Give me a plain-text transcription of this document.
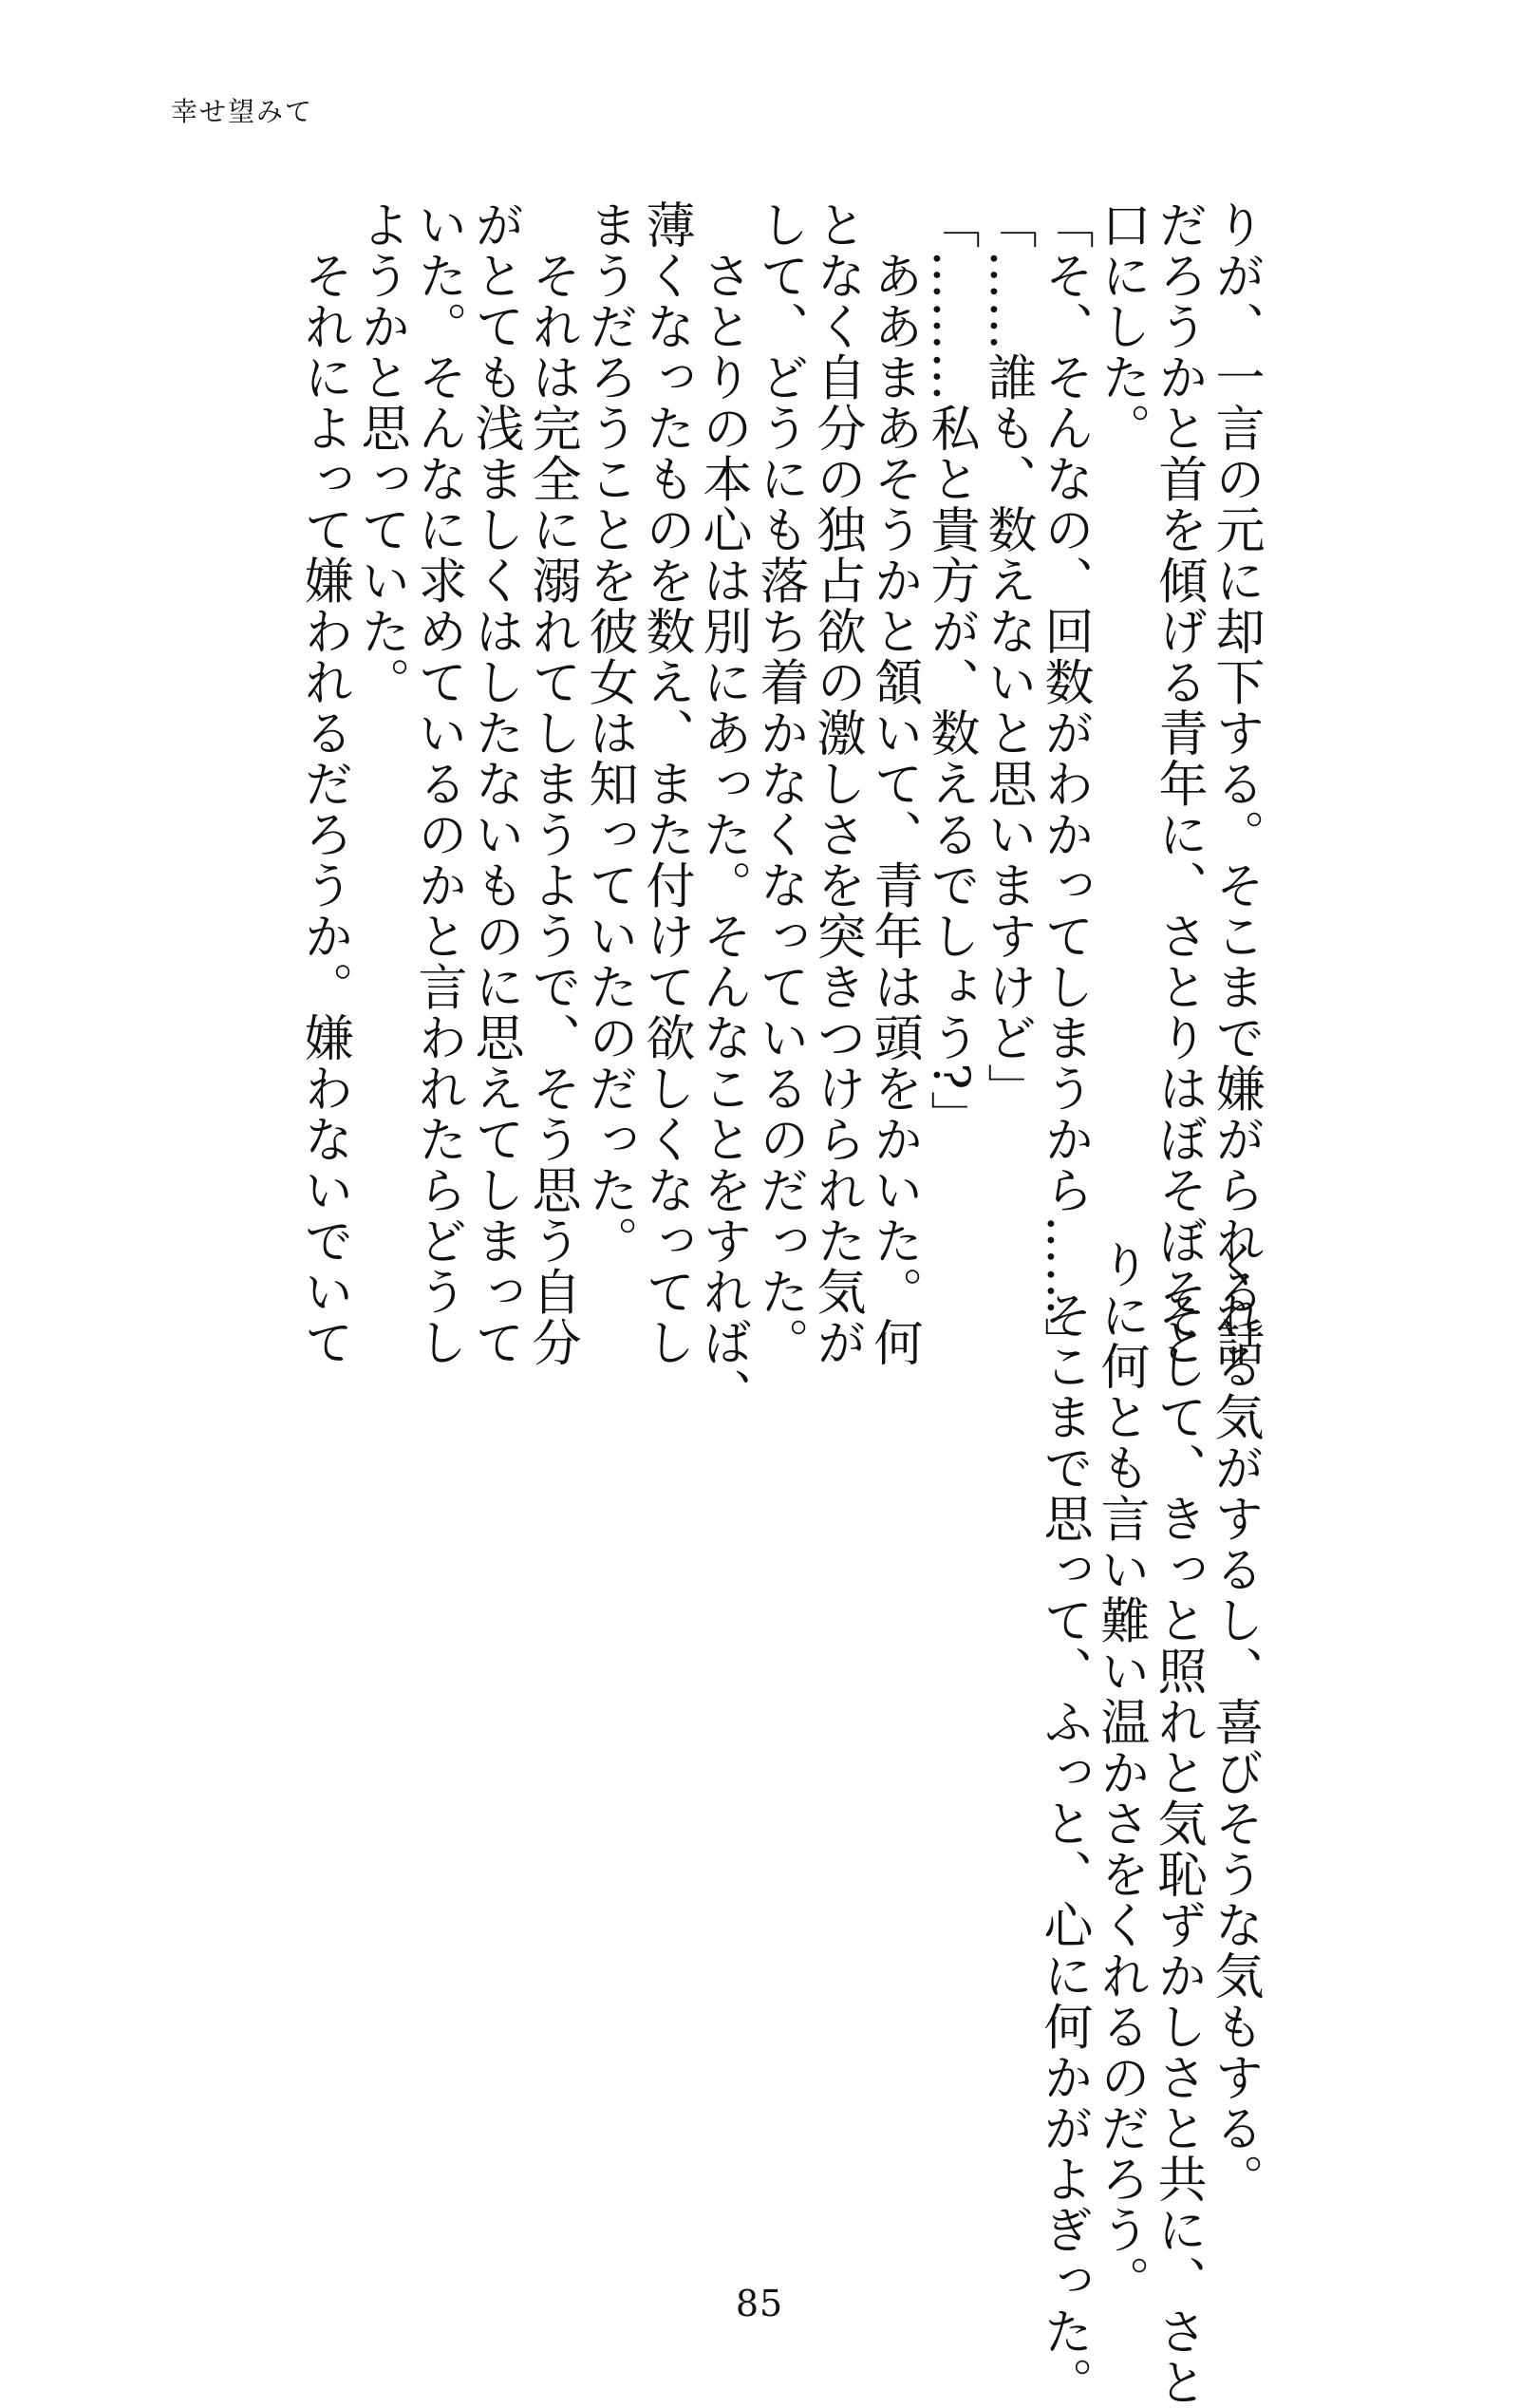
幸せ望みて
りが、一言の元に却下する。そこまで嫌がられる話
だろうかと首を傾げる青年に、さとりはぼそぼそと
口にした。
「そ、そんなの、回数がわかってしまうから……」
「……誰も、数えないと思いますけど」
「………私と貴方が、数えるでしょう?」
　ああまあそうかと頷いて、青年は頭をかいた。何
となく自分の独占欲の激しさを突きつけられた気が
して、どうにも落ち着かなくなっているのだった。
　さとりの本心は別にあった。そんなことをすれば、
薄くなったものを数え、また付けて欲しくなってし
まうだろうことを彼女は知っていたのだった。
　それは完全に溺れてしまうようで、そう思う自分
がとても浅ましくはしたないものに思えてしまって
いた。そんなに求めているのかと言われたらどうし
ようかと思っていた。
　それによって嫌われるだろうか。嫌わないでいて
くれる気がするし、喜びそうな気もする。
　そして、きっと照れと気恥ずかしさと共に、さと
りに何とも言い難い温かさをくれるのだろう。
　そこまで思って、ふっと、心に何かがよぎった。
85
